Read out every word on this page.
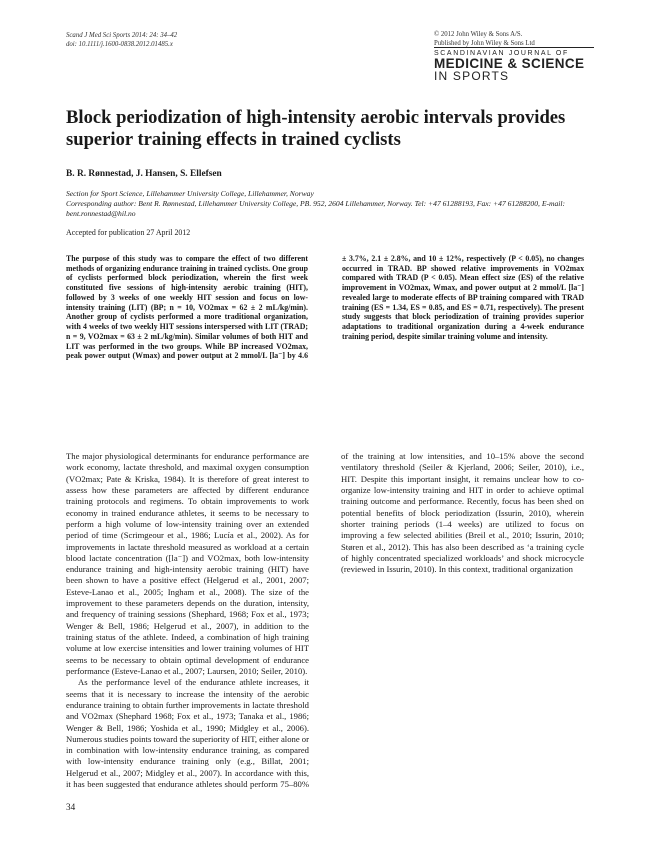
Scand J Med Sci Sports 2014: 24: 34–42
doi: 10.1111/j.1600-0838.2012.01485.x
© 2012 John Wiley & Sons A/S.
Published by John Wiley & Sons Ltd
SCANDINAVIAN JOURNAL OF
MEDICINE & SCIENCE
IN SPORTS
Block periodization of high-intensity aerobic intervals provides superior training effects in trained cyclists
B. R. Rønnestad, J. Hansen, S. Ellefsen
Section for Sport Science, Lillehammer University College, Lillehammer, Norway
Corresponding author: Bent R. Rønnestad, Lillehammer University College, PB. 952, 2604 Lillehammer, Norway. Tel: +47 61288193, Fax: +47 61288200, E-mail: bent.ronnestad@hil.no
Accepted for publication 27 April 2012
The purpose of this study was to compare the effect of two different methods of organizing endurance training in trained cyclists. One group of cyclists performed block periodization, wherein the first week constituted five sessions of high-intensity aerobic training (HIT), followed by 3 weeks of one weekly HIT session and focus on low-intensity training (LIT) (BP; n = 10, VO2max = 62 ± 2 mL/kg/min). Another group of cyclists performed a more traditional organization, with 4 weeks of two weekly HIT sessions interspersed with LIT (TRAD; n = 9, VO2max = 63 ± 2 mL/kg/min). Similar volumes of both HIT and LIT was performed in the two groups. While BP increased VO2max, peak power output (Wmax) and power output at 2 mmol/L [la⁻] by 4.6 ± 3.7%, 2.1 ± 2.8%, and 10 ± 12%, respectively (P < 0.05), no changes occurred in TRAD. BP showed relative improvements in VO2max compared with TRAD (P < 0.05). Mean effect size (ES) of the relative improvement in VO2max, Wmax, and power output at 2 mmol/L [la⁻] revealed large to moderate effects of BP training compared with TRAD training (ES = 1.34, ES = 0.85, and ES = 0.71, respectively). The present study suggests that block periodization of training provides superior adaptations to traditional organization during a 4-week endurance training period, despite similar training volume and intensity.

The major physiological determinants for endurance performance are work economy, lactate threshold, and maximal oxygen consumption (VO2max; Pate & Kriska, 1984). It is therefore of great interest to assess how these parameters are affected by different endurance training protocols and regimens. To obtain improvements to work economy in trained endurance athletes, it seems to be necessary to perform a high volume of low-intensity training over an extended period of time (Scrimgeour et al., 1986; Lucía et al., 2002). As for improvements in lactate threshold measured as workload at a certain blood lactate concentration ([la⁻]) and VO2max, both low-intensity endurance training and high-intensity aerobic training (HIT) have been shown to have a positive effect (Helgerud et al., 2001, 2007; Esteve-Lanao et al., 2005; Ingham et al., 2008). The size of the improvement to these parameters depends on the duration, intensity, and frequency of training sessions (Shephard, 1968; Fox et al., 1973; Wenger & Bell, 1986; Helgerud et al., 2007), in addition to the training status of the athlete. Indeed, a combination of high training volume at low exercise intensities and lower training volumes of HIT seems to be necessary to obtain optimal development of endurance performance (Esteve-Lanao et al., 2007; Laursen, 2010; Seiler, 2010).

As the performance level of the endurance athlete increases, it seems that it is necessary to increase the intensity of the aerobic endurance training to obtain further improvements in lactate threshold and VO2max (Shephard 1968; Fox et al., 1973; Tanaka et al., 1986; Wenger & Bell, 1986; Yoshida et al., 1990; Midgley et al., 2006). Numerous studies points toward the superiority of HIT, either alone or in combination with low-intensity endurance training, as compared with low-intensity endurance training only (e.g., Billat, 2001; Helgerud et al., 2007; Midgley et al., 2007). In accordance with this, it has been suggested that endurance athletes should perform 75–80% of the training at low intensities, and 10–15% above the second ventilatory threshold (Seiler & Kjerland, 2006; Seiler, 2010), i.e., HIT. Despite this important insight, it remains unclear how to co-organize low-intensity training and HIT in order to achieve optimal training outcome and performance. Recently, focus has been shed on potential benefits of block periodization (Issurin, 2010), wherein shorter training periods (1–4 weeks) are utilized to focus on improving a few selected abilities (Breil et al., 2010; Issurin, 2010; Støren et al., 2012). This has also been described as ‘a training cycle of highly concentrated specialized workloads’ and shock microcycle (reviewed in Issurin, 2010). In this context, traditional organization

34
